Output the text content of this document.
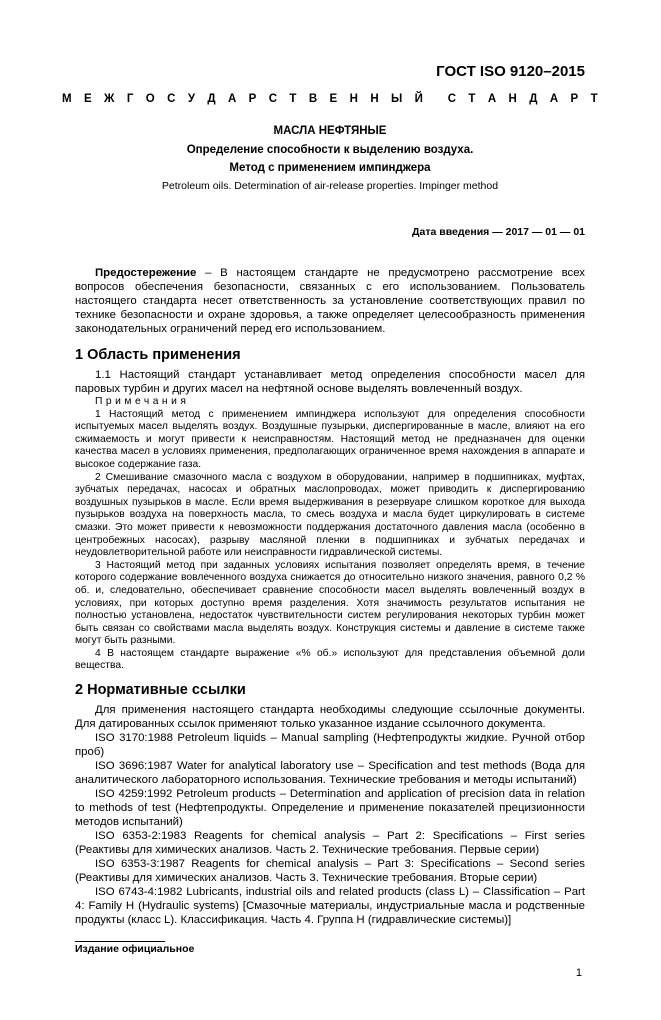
ГОСТ ISO 9120–2015
М Е Ж Г О С У Д А Р С Т В Е Н Н Ы Й С Т А Н Д А Р Т
МАСЛА НЕФТЯНЫЕ
Определение способности к выделению воздуха.
Метод с применением импинджера
Petroleum oils. Determination of air-release properties. Impinger method
Дата введения — 2017 — 01 — 01

Предостережение – В настоящем стандарте не предусмотрено рассмотрение всех вопросов обеспечения безопасности, связанных с его использованием. Пользователь настоящего стандарта несет ответственность за установление соответствующих правил по технике безопасности и охране здоровья, а также определяет целесообразность применения законодательных ограничений перед его использованием.

1 Область применения

1.1 Настоящий стандарт устанавливает метод определения способности масел для паровых турбин и других масел на нефтяной основе выделять вовлеченный воздух.

Примечания

1 Настоящий метод с применением импинджера используют для определения способности испытуемых масел выделять воздух. Воздушные пузырьки, диспергированные в масле, влияют на его сжимаемость и могут привести к неисправностям. Настоящий метод не предназначен для оценки качества масел в условиях применения, предполагающих ограниченное время нахождения в аппарате и высокое содержание газа.

2 Смешивание смазочного масла с воздухом в оборудовании, например в подшипниках, муфтах, зубчатых передачах, насосах и обратных маслопроводах, может приводить к диспергированию воздушных пузырьков в масле. Если время выдерживания в резервуаре слишком короткое для выхода пузырьков воздуха на поверхность масла, то смесь воздуха и масла будет циркулировать в системе смазки. Это может привести к невозможности поддержания достаточного давления масла (особенно в центробежных насосах), разрыву масляной пленки в подшипниках и зубчатых передачах и неудовлетворительной работе или неисправности гидравлической системы.

3 Настоящий метод при заданных условиях испытания позволяет определять время, в течение которого содержание вовлеченного воздуха снижается до относительно низкого значения, равного 0,2 % об. и, следовательно, обеспечивает сравнение способности масел выделять вовлеченный воздух в условиях, при которых доступно время разделения. Хотя значимость результатов испытания не полностью установлена, недостаток чувствительности систем регулирования некоторых турбин может быть связан со свойствами масла выделять воздух. Конструкция системы и давление в системе также могут быть разными.

4 В настоящем стандарте выражение «% об.» используют для представления объемной доли вещества.

2 Нормативные ссылки

Для применения настоящего стандарта необходимы следующие ссылочные документы. Для датированных ссылок применяют только указанное издание ссылочного документа.

ISO 3170:1988 Petroleum liquids – Manual sampling (Нефтепродукты жидкие. Ручной отбор проб)

ISO 3696:1987 Water for analytical laboratory use – Specification and test methods (Вода для аналитического лабораторного использования. Технические требования и методы испытаний)

ISO 4259:1992 Petroleum products – Determination and application of precision data in relation to methods of test (Нефтепродукты. Определение и применение показателей прецизионности методов испытаний)

ISO 6353-2:1983 Reagents for chemical analysis – Part 2: Specifications – First series (Реактивы для химических анализов. Часть 2. Технические требования. Первые серии)

ISO 6353-3:1987 Reagents for chemical analysis – Part 3: Specifications – Second series (Реактивы для химических анализов. Часть 3. Технические требования. Вторые серии)

ISO 6743-4:1982 Lubricants, industrial oils and related products (class L) – Classification – Part 4: Family H (Hydraulic systems) [Смазочные материалы, индустриальные масла и родственные продукты (класс L). Классификация. Часть 4. Группа Н (гидравлические системы)]

Издание официальное
1
